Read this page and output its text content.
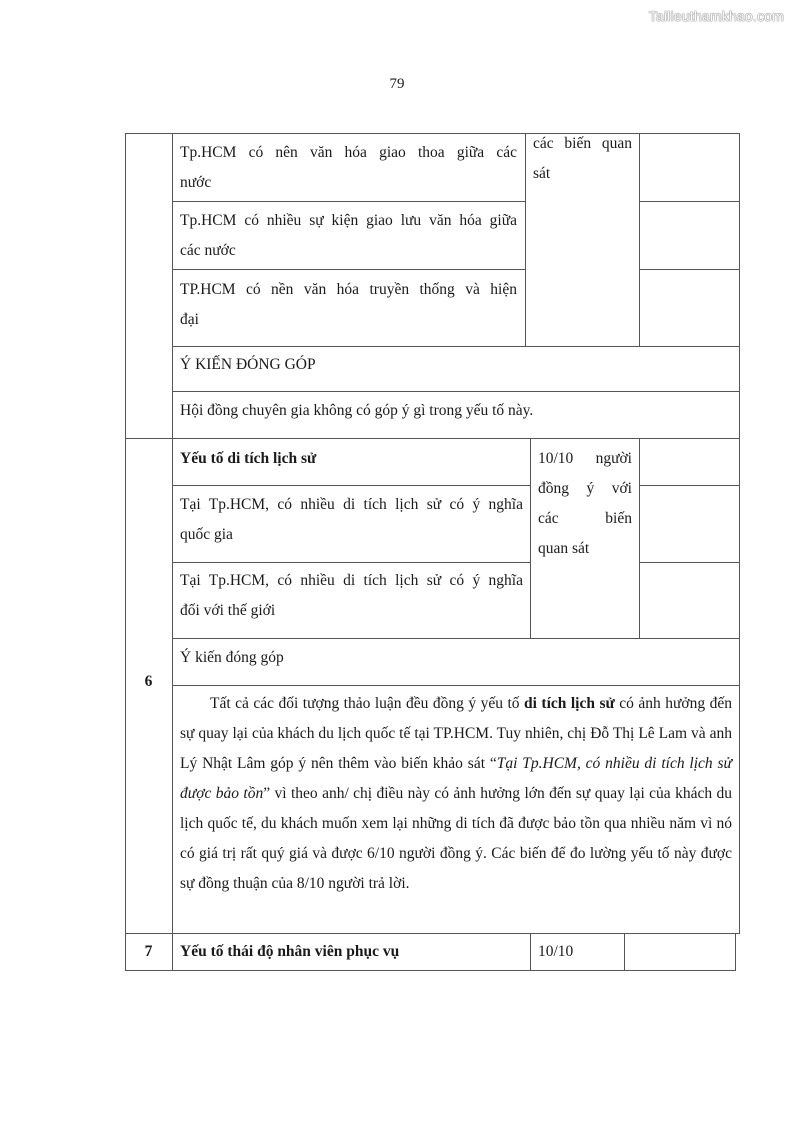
Tailieuthamkhao.com
79
Tp.HCM có nên văn hóa giao thoa giữa các
nước
Tp.HCM có nhiều sự kiện giao lưu văn hóa giữa
các nước
TP.HCM có nền văn hóa truyền thống và hiện
đại
các biến quan
sát
Ý KIẾN ĐÓNG GÓP
Hội đồng chuyên gia không có góp ý gì trong yếu tố này.
6
Yếu tố di tích lịch sử
Tại Tp.HCM, có nhiều di tích lịch sử có ý nghĩa
quốc gia
Tại Tp.HCM, có nhiều di tích lịch sử có ý nghĩa
đối với thế giới
10/10 người
đồng ý với
các biến
quan sát
Ý kiến đóng góp
Tất cả các đối tượng thảo luận đều đồng ý yếu tố di tích lịch sử có ảnh hưởng đến sự quay lại của khách du lịch quốc tế tại TP.HCM. Tuy nhiên, chị Đỗ Thị Lê Lam và anh Lý Nhật Lâm góp ý nên thêm vào biến khảo sát “Tại Tp.HCM, có nhiều di tích lịch sử được bảo tồn” vì theo anh/ chị điều này có ảnh hưởng lớn đến sự quay lại của khách du lịch quốc tế, du khách muốn xem lại những di tích đã được bảo tồn qua nhiều năm vì nó có giá trị rất quý giá và được 6/10 người đồng ý. Các biến để đo lường yếu tố này được sự đồng thuận của 8/10 người trả lời.
7	Yếu tố thái độ nhân viên phục vụ	10/10
